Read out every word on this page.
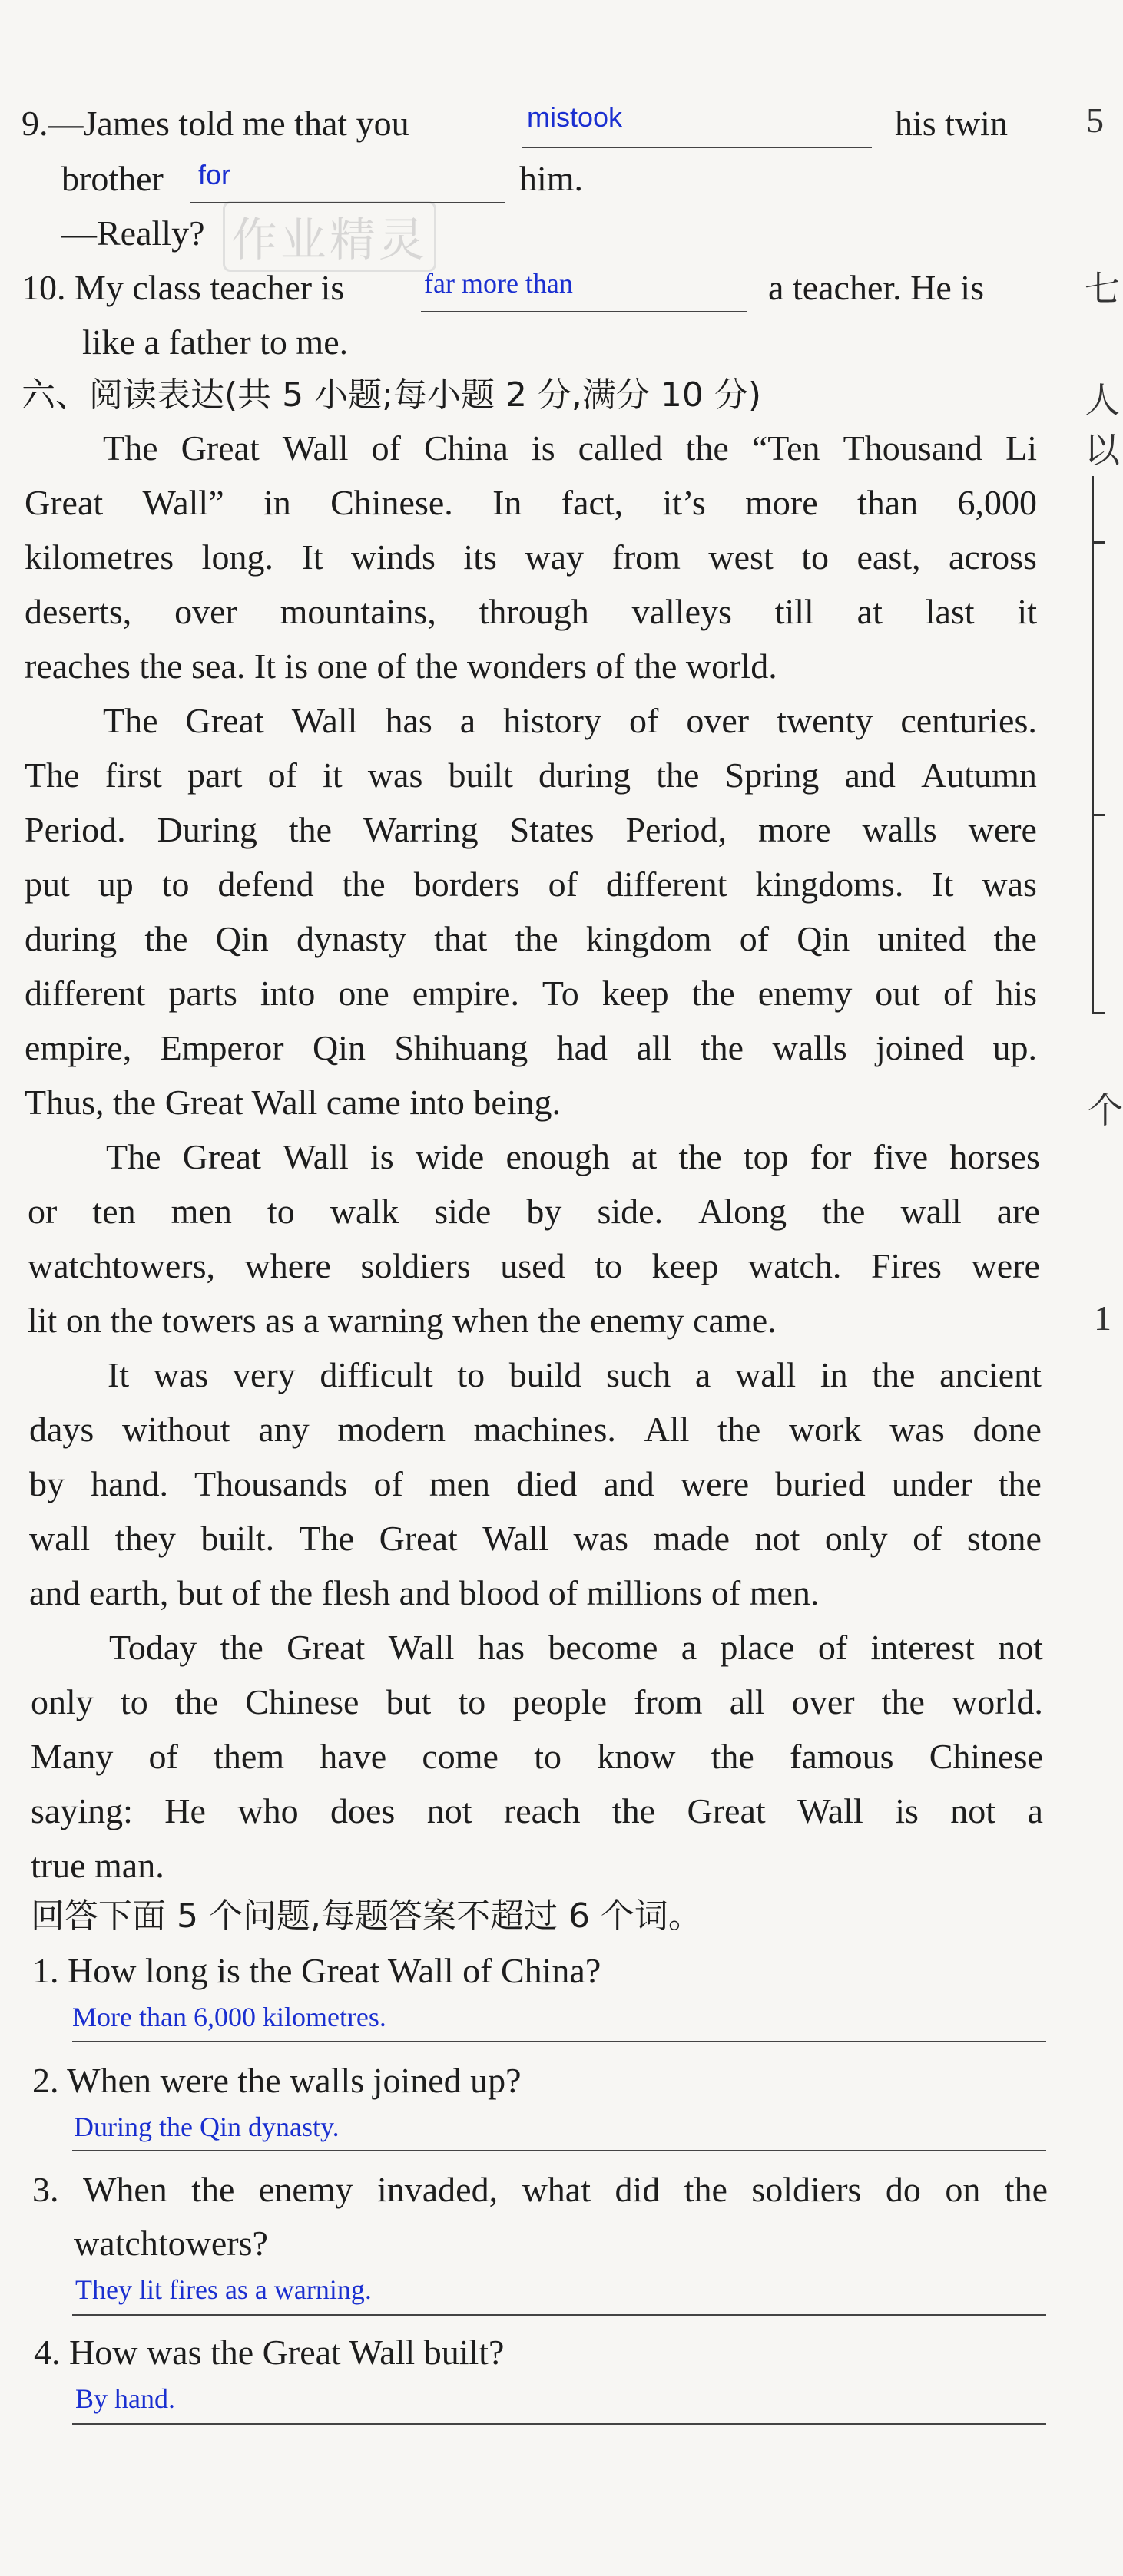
作业精灵
9.—James told me that you	mistook	his twin
brother for	him.
—Really?
10. My class teacher is	far more than	a teacher. He is
like a father to me.
六、阅读表达(共 5 小题;每小题 2 分,满分 10 分)
The Great Wall of China is called the “Ten Thousand Li
Great Wall” in Chinese. In fact, it’s more than 6,000
kilometres long. It winds its way from west to east, across
deserts, over mountains, through valleys till at last it
reaches the sea. It is one of the wonders of the world.
The Great Wall has a history of over twenty centuries.
The first part of it was built during the Spring and Autumn
Period. During the Warring States Period, more walls were
put up to defend the borders of different kingdoms. It was
during the Qin dynasty that the kingdom of Qin united the
different parts into one empire. To keep the enemy out of his
empire, Emperor Qin Shihuang had all the walls joined up.
Thus, the Great Wall came into being.
The Great Wall is wide enough at the top for five horses
or ten men to walk side by side. Along the wall are
watchtowers, where soldiers used to keep watch. Fires were
lit on the towers as a warning when the enemy came.
It was very difficult to build such a wall in the ancient
days without any modern machines. All the work was done
by hand. Thousands of men died and were buried under the
wall they built. The Great Wall was made not only of stone
and earth, but of the flesh and blood of millions of men.
Today the Great Wall has become a place of interest not
only to the Chinese but to people from all over the world.
Many of them have come to know the famous Chinese
saying: He who does not reach the Great Wall is not a
true man.
回答下面 5 个问题,每题答案不超过 6 个词。
1. How long is the Great Wall of China?
More than 6,000 kilometres.
2. When were the walls joined up?
During the Qin dynasty.
3. When the enemy invaded, what did the soldiers do on the
watchtowers?
They lit fires as a warning.
4. How was the Great Wall built?
By hand.
5
七
人
以
个
1
